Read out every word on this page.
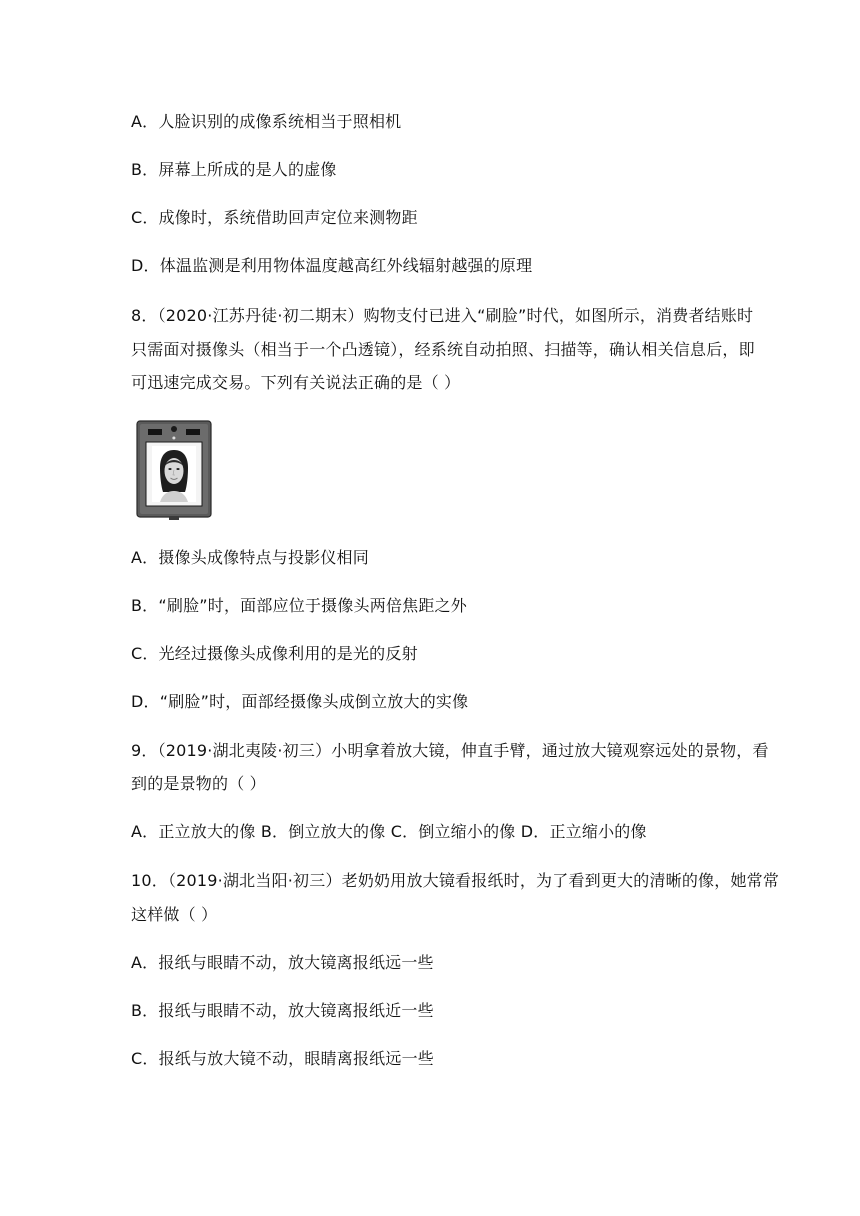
A．人脸识别的成像系统相当于照相机
B．屏幕上所成的是人的虚像
C．成像时，系统借助回声定位来测物距
D．体温监测是利用物体温度越高红外线辐射越强的原理
8．（2020·江苏丹徒·初二期末）购物支付已进入“刷脸”时代，如图所示，消费者结账时
只需面对摄像头（相当于一个凸透镜），经系统自动拍照、扫描等，确认相关信息后，即
可迅速完成交易。下列有关说法正确的是（ ）
●
A．摄像头成像特点与投影仪相同
B．“刷脸”时，面部应位于摄像头两倍焦距之外
C．光经过摄像头成像利用的是光的反射
D．“刷脸”时，面部经摄像头成倒立放大的实像
9．（2019·湖北夷陵·初三）小明拿着放大镜，伸直手臂，通过放大镜观察远处的景物，看
到的是景物的（ ）
A．正立放大的像 B．倒立放大的像 C．倒立缩小的像 D．正立缩小的像
10．（2019·湖北当阳·初三）老奶奶用放大镜看报纸时，为了看到更大的清晰的像，她常常
这样做（ ）
A．报纸与眼睛不动，放大镜离报纸远一些
B．报纸与眼睛不动，放大镜离报纸近一些
C．报纸与放大镜不动，眼睛离报纸远一些
